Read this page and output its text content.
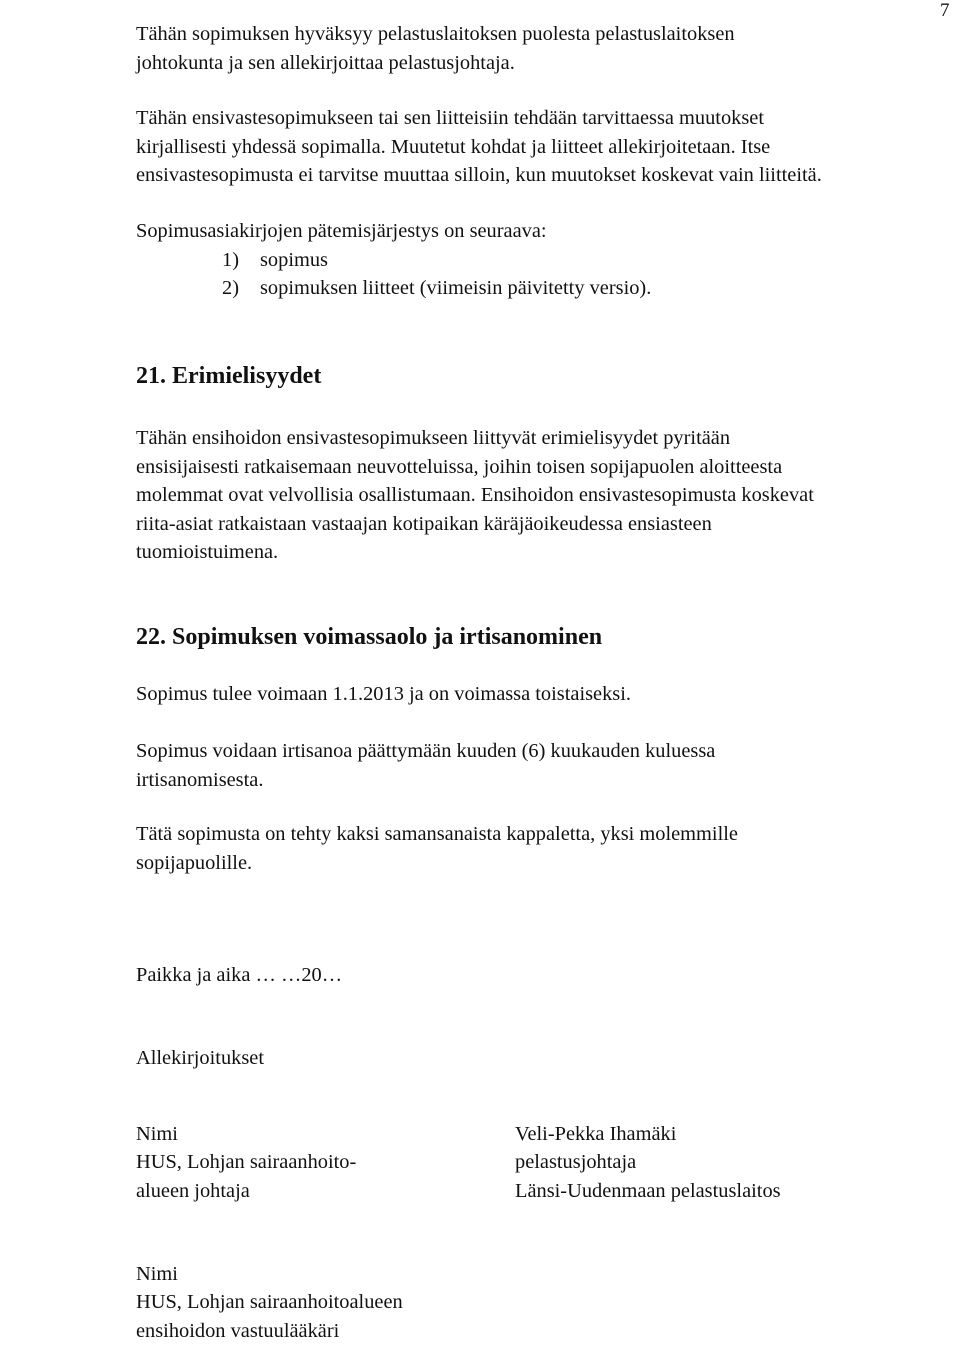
7
Tähän sopimuksen hyväksyy pelastuslaitoksen puolesta pelastuslaitoksen
johtokunta ja sen allekirjoittaa pelastusjohtaja.
Tähän ensivastesopimukseen tai sen liitteisiin tehdään tarvittaessa muutokset
kirjallisesti yhdessä sopimalla. Muutetut kohdat ja liitteet allekirjoitetaan. Itse
ensivastesopimusta ei tarvitse muuttaa silloin, kun muutokset koskevat vain liitteitä.
Sopimusasiakirjojen pätemisjärjestys on seuraava:
1) sopimus
2) sopimuksen liitteet (viimeisin päivitetty versio).
21. Erimielisyydet
Tähän ensihoidon ensivastesopimukseen liittyvät erimielisyydet pyritään
ensisijaisesti ratkaisemaan neuvotteluissa, joihin toisen sopijapuolen aloitteesta
molemmat ovat velvollisia osallistumaan. Ensihoidon ensivastesopimusta koskevat
riita-asiat ratkaistaan vastaajan kotipaikan käräjäoikeudessa ensiasteen
tuomioistuimena.
22. Sopimuksen voimassaolo ja irtisanominen
Sopimus tulee voimaan 1.1.2013 ja on voimassa toistaiseksi.
Sopimus voidaan irtisanoa päättymään kuuden (6) kuukauden kuluessa
irtisanomisesta.
Tätä sopimusta on tehty kaksi samansanaista kappaletta, yksi molemmille
sopijapuolille.
Paikka ja aika … …20…
Allekirjoitukset
Nimi
HUS, Lohjan sairaanhoito-
alueen johtaja
Veli-Pekka Ihamäki
pelastusjohtaja
Länsi-Uudenmaan pelastuslaitos
Nimi
HUS, Lohjan sairaanhoitoalueen
ensihoidon vastuulääkäri
